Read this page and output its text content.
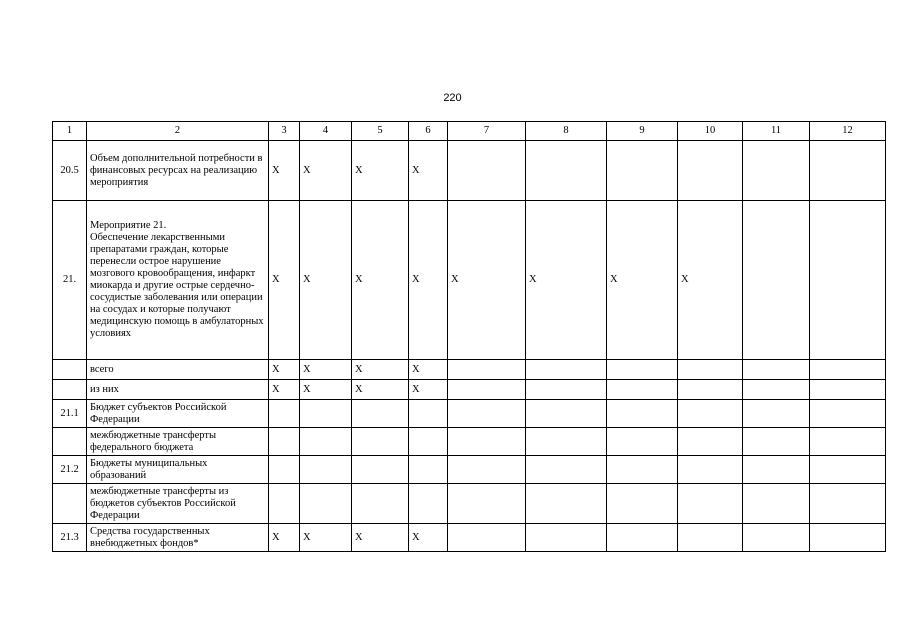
220
1	2	3	4	5	6	7	8	9	10	11	12
20.5	Объем дополнительной потребности в финансовых ресурсах на реализацию мероприятия	X	X	X	X						
21.	Мероприятие 21.
Обеспечение лекарственными препаратами граждан, которые перенесли острое нарушение мозгового кровообращения, инфаркт миокарда и другие острые сердечно-сосудистые заболевания или операции на сосудах и которые получают медицинскую помощь в амбулаторных условиях	X	X	X	X	X	X	X	X		
	всего	X	X	X	X						
	из них	X	X	X	X						
21.1	Бюджет субъектов Российской Федерации										
	межбюджетные трансферты федерального бюджета										
21.2	Бюджеты муниципальных образований										
	межбюджетные трансферты из бюджетов субъектов Российской Федерации										
21.3	Средства государственных внебюджетных фондов*	X	X	X	X						
